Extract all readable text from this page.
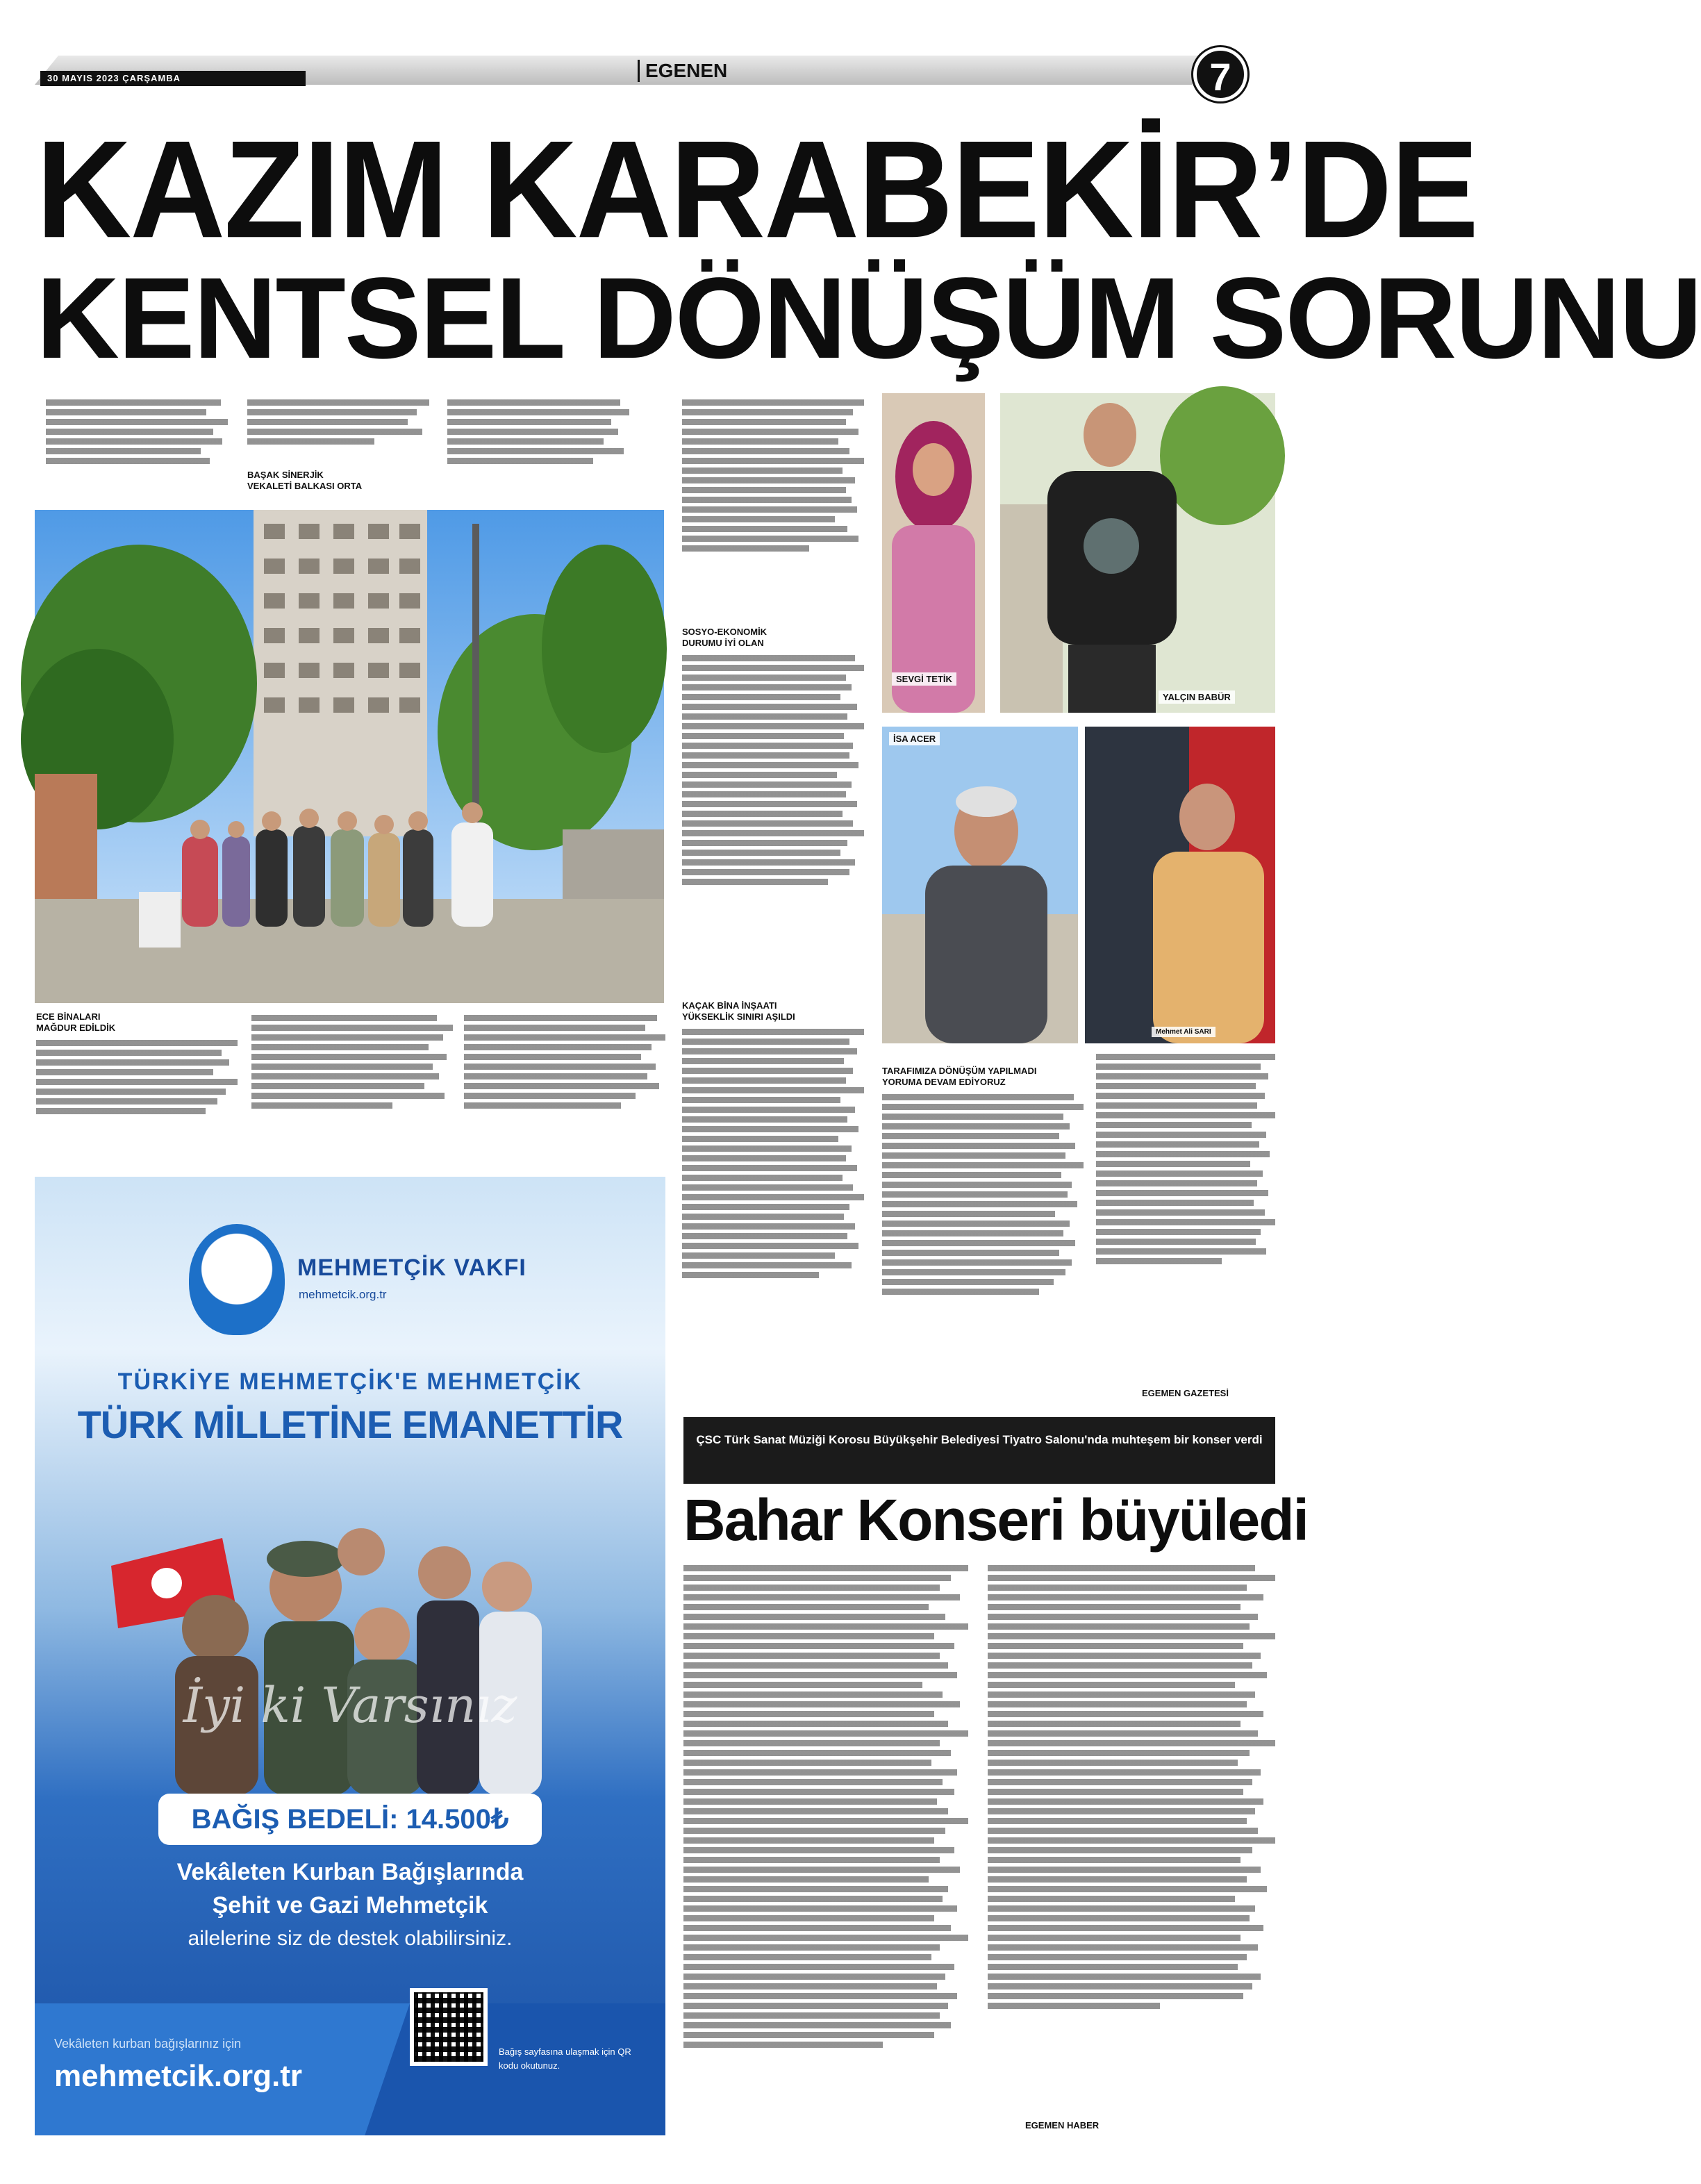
30 MAYIS 2023 ÇARŞAMBA	EGENEN	7
KAZIM KARABEKİR’DE
KENTSEL DÖNÜŞÜM SORUNU
BAŞAK SİNERJİK
VEKALETİ BALKASI ORTA
ECE BİNALARI
MAĞDUR EDİLDİK
SOSYO-EKONOMİK
DURUMU İYİ OLAN
KAÇAK BİNA İNŞAATI
YÜKSEKLİK SINIRI AŞILDI
SEVGİ TETİK
YALÇIN BABÜR
İSA ACER
Mehmet Ali SARI
TARAFIMIZA DÖNÜŞÜM YAPILMADI
YORUMA DEVAM EDİYORUZ
EGEMEN GAZETESİ
MEHMETÇİK VAKFI
mehmetcik.org.tr
TÜRKİYE MEHMETÇİK'E MEHMETÇİK
TÜRK MİLLETİNE EMANETTİR
İyi ki Varsınız
BAĞIŞ BEDELİ: 14.500₺
Vekâleten Kurban Bağışlarında
Şehit ve Gazi Mehmetçik
ailelerine siz de destek olabilirsiniz.
Vekâleten kurban bağışlarınız için
mehmetcik.org.tr
Bağış sayfasına ulaşmak için QR kodu okutunuz.
ÇSC Türk Sanat Müziği Korosu Büyükşehir Belediyesi Tiyatro Salonu'nda muhteşem bir konser verdi
Bahar Konseri büyüledi
EGEMEN HABER
